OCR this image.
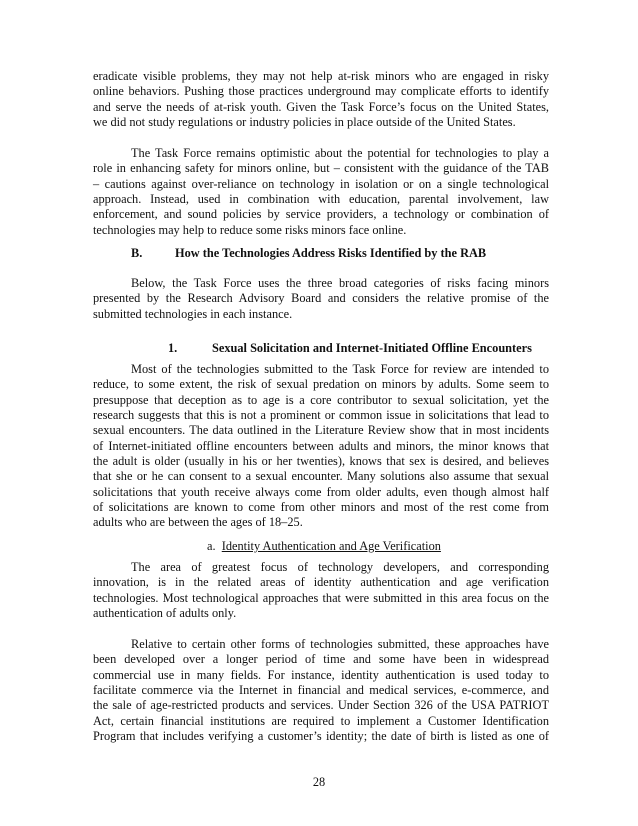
eradicate visible problems, they may not help at-risk minors who are engaged in risky
online behaviors. Pushing those practices underground may complicate efforts to identify
and serve the needs of at-risk youth. Given the Task Force’s focus on the United States,
we did not study regulations or industry policies in place outside of the United States.
The Task Force remains optimistic about the potential for technologies to play a
role in enhancing safety for minors online, but – consistent with the guidance of the TAB
– cautions against over-reliance on technology in isolation or on a single technological
approach. Instead, used in combination with education, parental involvement, law
enforcement, and sound policies by service providers, a technology or combination of
technologies may help to reduce some risks minors face online.

B.	How the Technologies Address Risks Identified by the RAB

Below, the Task Force uses the three broad categories of risks facing minors
presented by the Research Advisory Board and considers the relative promise of the
submitted technologies in each instance.

1.	Sexual Solicitation and Internet-Initiated Offline Encounters

Most of the technologies submitted to the Task Force for review are intended to
reduce, to some extent, the risk of sexual predation on minors by adults. Some seem to
presuppose that deception as to age is a core contributor to sexual solicitation, yet the
research suggests that this is not a prominent or common issue in solicitations that lead to
sexual encounters. The data outlined in the Literature Review show that in most incidents
of Internet-initiated offline encounters between adults and minors, the minor knows that
the adult is older (usually in his or her twenties), knows that sex is desired, and believes
that she or he can consent to a sexual encounter. Many solutions also assume that sexual
solicitations that youth receive always come from older adults, even though almost half
of solicitations are known to come from other minors and most of the rest come from
adults who are between the ages of 18–25.

a. Identity Authentication and Age Verification

The area of greatest focus of technology developers, and corresponding
innovation, is in the related areas of identity authentication and age verification
technologies. Most technological approaches that were submitted in this area focus on the
authentication of adults only.
Relative to certain other forms of technologies submitted, these approaches have
been developed over a longer period of time and some have been in widespread
commercial use in many fields. For instance, identity authentication is used today to
facilitate commerce via the Internet in financial and medical services, e-commerce, and
the sale of age-restricted products and services. Under Section 326 of the USA PATRIOT
Act, certain financial institutions are required to implement a Customer Identification
Program that includes verifying a customer’s identity; the date of birth is listed as one of
28
